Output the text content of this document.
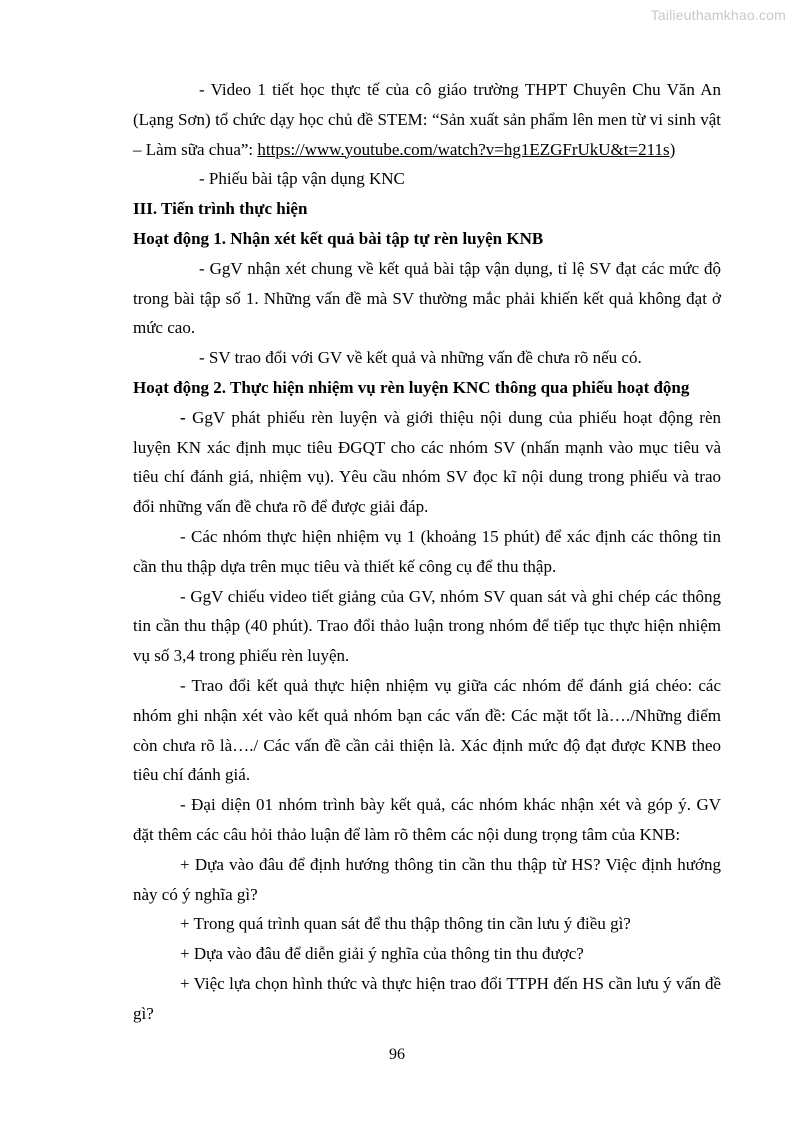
Tailieuthamkhao.com

- Video 1 tiết học thực tế của cô giáo trường THPT Chuyên Chu Văn An (Lạng Sơn) tổ chức dạy học chủ đề STEM: “Sản xuất sản phẩm lên men từ vi sinh vật – Làm sữa chua”: https://www.youtube.com/watch?v=hg1EZGFrUkU&t=211s)

- Phiếu bài tập vận dụng KNC

III. Tiến trình thực hiện

Hoạt động 1. Nhận xét kết quả bài tập tự rèn luyện KNB

- GgV nhận xét chung về kết quả bài tập vận dụng, tỉ lệ SV đạt các mức độ trong bài tập số 1. Những vấn đề mà SV thường mắc phải khiến kết quả không đạt ở mức cao.

- SV trao đổi với GV về kết quả và những vấn đề chưa rõ nếu có.

Hoạt động 2. Thực hiện nhiệm vụ rèn luyện KNC thông qua phiếu hoạt động

- GgV phát phiếu rèn luyện và giới thiệu nội dung của phiếu hoạt động rèn luyện KN xác định mục tiêu ĐGQT cho các nhóm SV (nhấn mạnh vào mục tiêu và tiêu chí đánh giá, nhiệm vụ). Yêu cầu nhóm SV đọc kĩ nội dung trong phiếu và trao đổi những vấn đề chưa rõ để được giải đáp.

- Các nhóm thực hiện nhiệm vụ 1 (khoảng 15 phút) để xác định các thông tin cần thu thập dựa trên mục tiêu và thiết kế công cụ để thu thập.

- GgV chiếu video tiết giảng của GV, nhóm SV quan sát và ghi chép các thông tin cần thu thập (40 phút). Trao đổi thảo luận trong nhóm để tiếp tục thực hiện nhiệm vụ số 3,4 trong phiếu rèn luyện.

- Trao đổi kết quả thực hiện nhiệm vụ giữa các nhóm để đánh giá chéo: các nhóm ghi nhận xét vào kết quả nhóm bạn các vấn đề: Các mặt tốt là…./Những điểm còn chưa rõ là…./ Các vấn đề cần cải thiện là. Xác định mức độ đạt được KNB theo tiêu chí đánh giá.

- Đại diện 01 nhóm trình bày kết quả, các nhóm khác nhận xét và góp ý. GV đặt thêm các câu hỏi thảo luận để làm rõ thêm các nội dung trọng tâm của KNB:

+ Dựa vào đâu để định hướng thông tin cần thu thập từ HS? Việc định hướng này có ý nghĩa gì?

+ Trong quá trình quan sát để thu thập thông tin cần lưu ý điều gì?

+ Dựa vào đâu để diễn giải ý nghĩa của thông tin thu được?

+ Việc lựa chọn hình thức và thực hiện trao đổi TTPH đến HS cần lưu ý vấn đề gì?

96
